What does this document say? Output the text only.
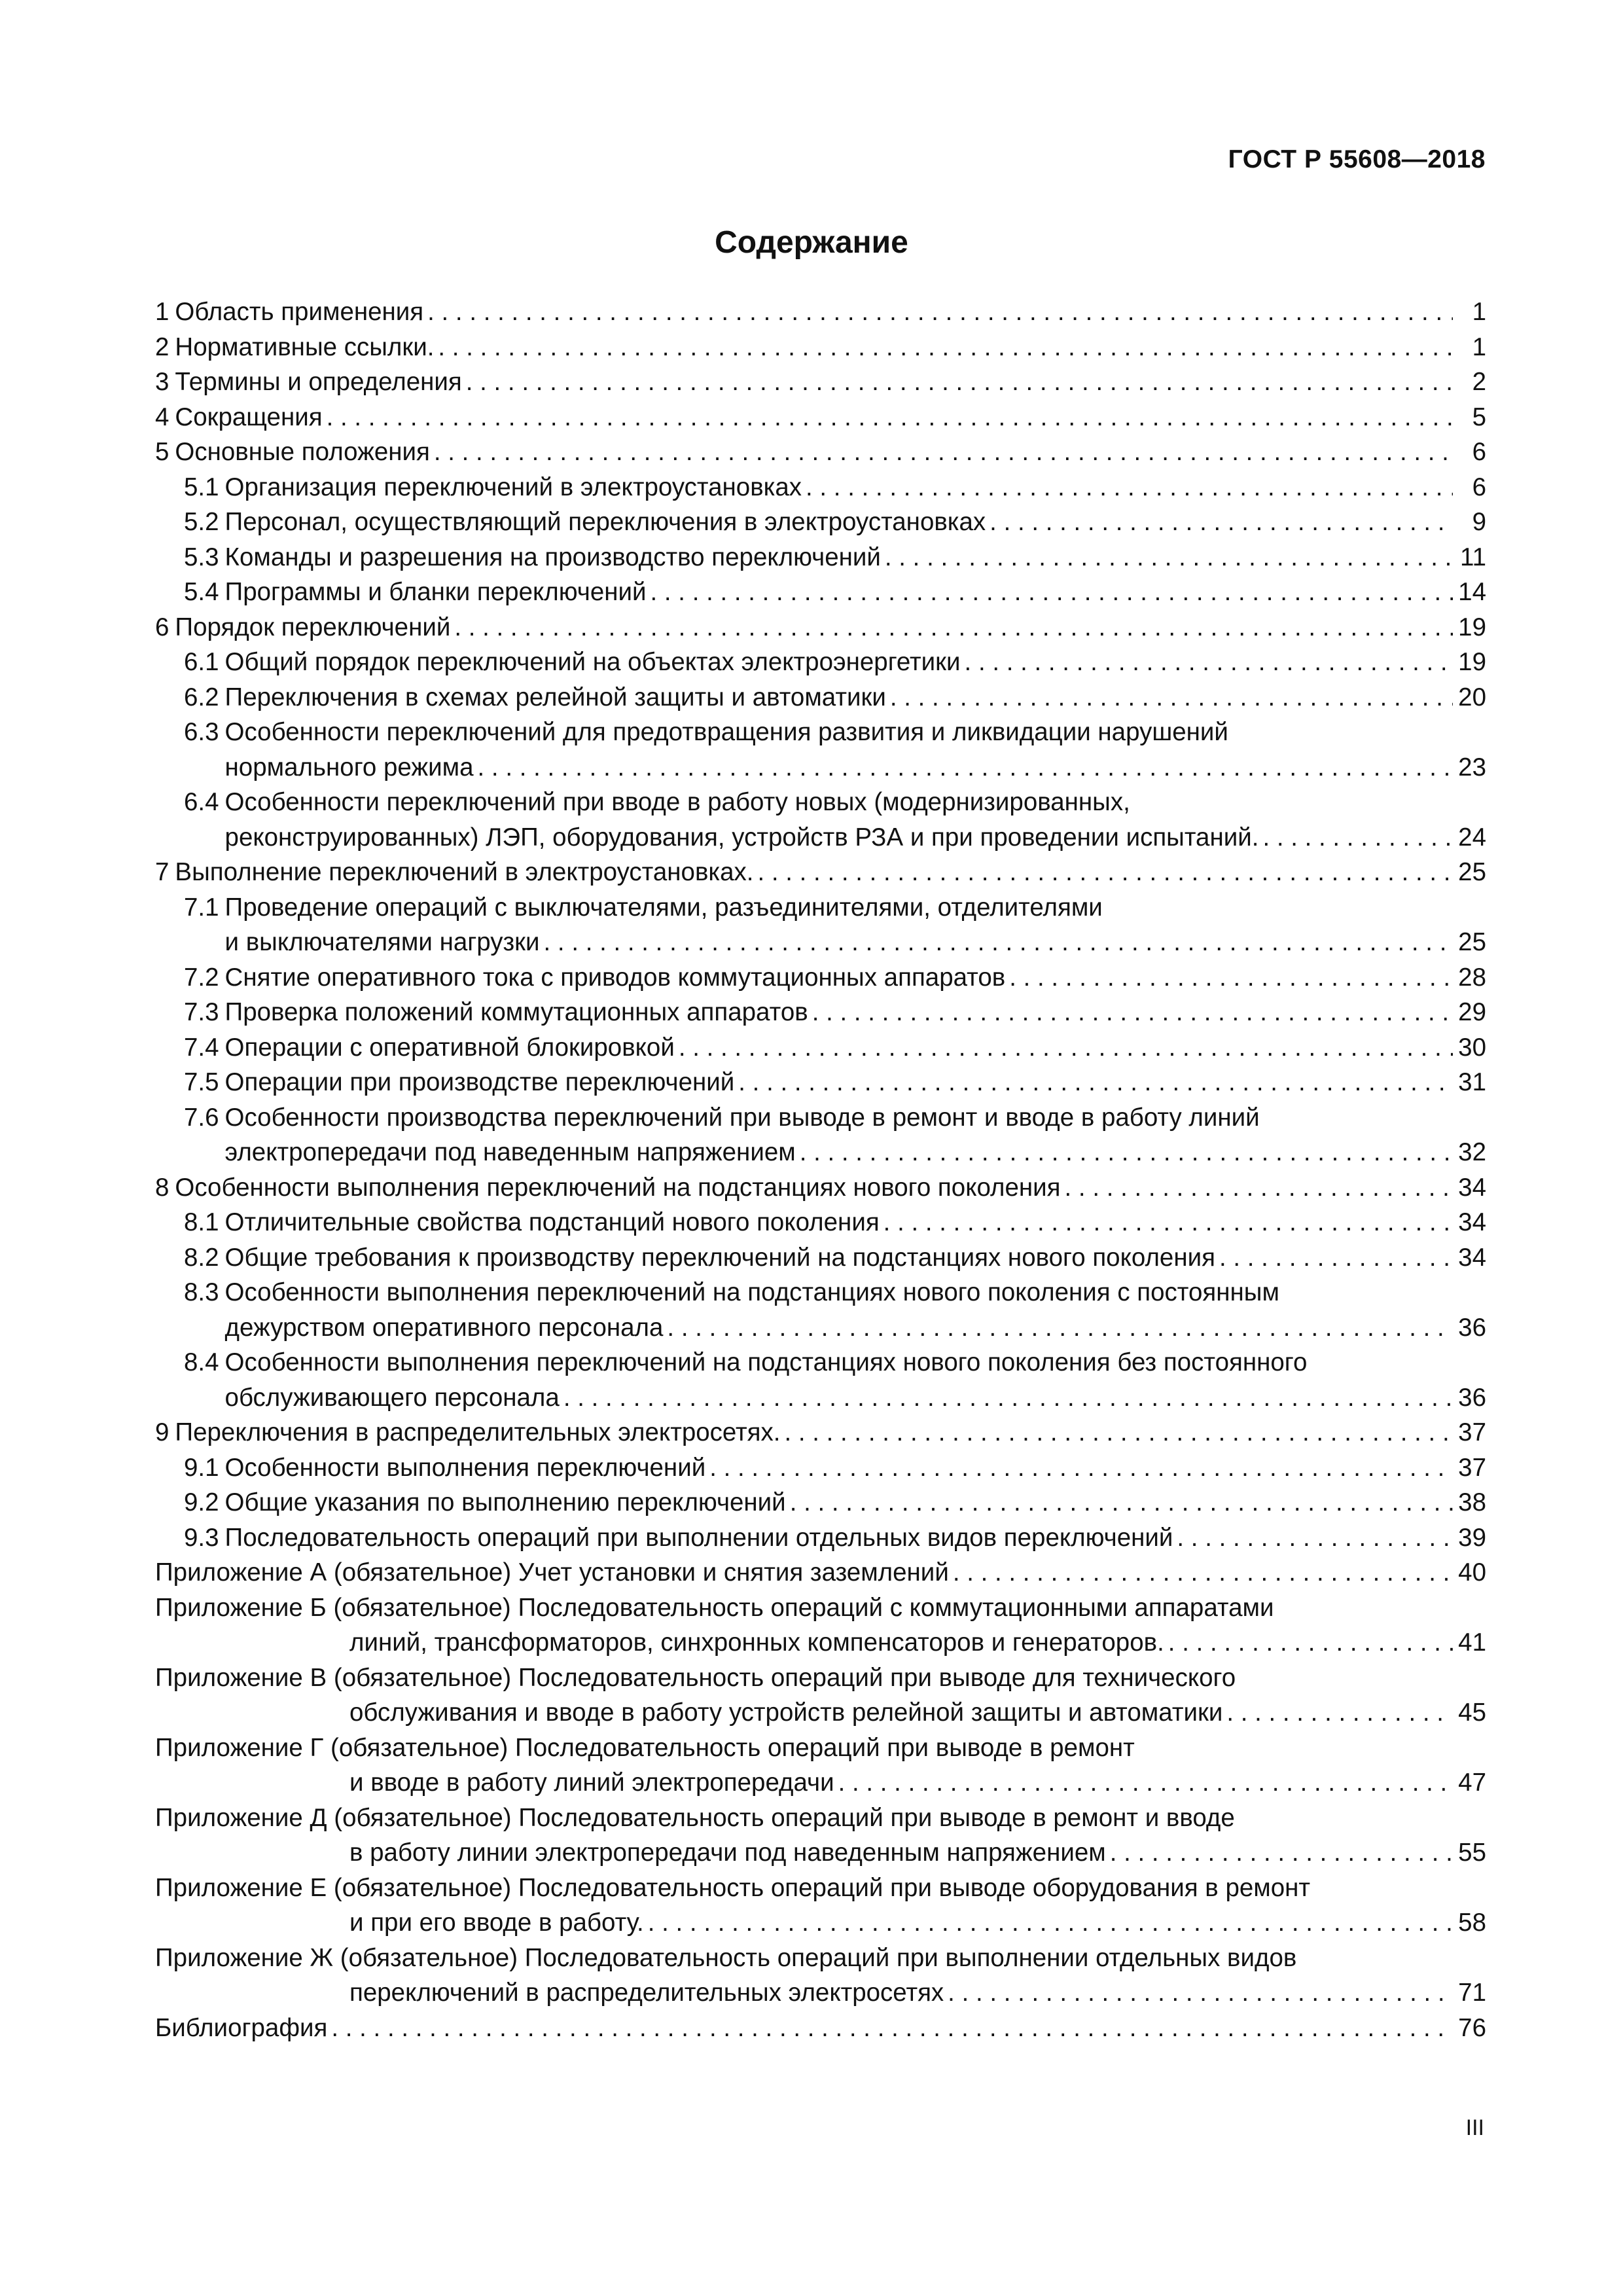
ГОСТ Р 55608—2018
Содержание
1 Область применения . . .	1
2 Нормативные ссылки. . . .	1
3 Термины и определения . . .	2
4 Сокращения . . .	5
5 Основные положения . . .	6
5.1 Организация переключений в электроустановках . . .	6
5.2 Персонал, осуществляющий переключения в электроустановках . . .	9
5.3 Команды и разрешения на производство переключений . . .	11
5.4 Программы и бланки переключений . . .	14
6 Порядок переключений . . .	19
6.1 Общий порядок переключений на объектах электроэнергетики . . .	19
6.2 Переключения в схемах релейной защиты и автоматики . . .	20
6.3 Особенности переключений для предотвращения развития и ликвидации нарушений
нормального режима . . .	23
6.4 Особенности переключений при вводе в работу новых (модернизированных,
реконструированных) ЛЭП, оборудования, устройств РЗА и при проведении испытаний. . . .	24
7 Выполнение переключений в электроустановках. . . .	25
7.1 Проведение операций с выключателями, разъединителями, отделителями
и выключателями нагрузки . . .	25
7.2 Снятие оперативного тока с приводов коммутационных аппаратов . . .	28
7.3 Проверка положений коммутационных аппаратов . . .	29
7.4 Операции с оперативной блокировкой . . .	30
7.5 Операции при производстве переключений . . .	31
7.6 Особенности производства переключений при выводе в ремонт и вводе в работу линий
электропередачи под наведенным напряжением . . .	32
8 Особенности выполнения переключений на подстанциях нового поколения . . .	34
8.1 Отличительные свойства подстанций нового поколения . . .	34
8.2 Общие требования к производству переключений на подстанциях нового поколения . . .	34
8.3 Особенности выполнения переключений на подстанциях нового поколения с постоянным
дежурством оперативного персонала . . .	36
8.4 Особенности выполнения переключений на подстанциях нового поколения без постоянного
обслуживающего персонала . . .	36
9 Переключения в распределительных электросетях. . . .	37
9.1 Особенности выполнения переключений . . .	37
9.2 Общие указания по выполнению переключений . . .	38
9.3 Последовательность операций при выполнении отдельных видов переключений . . .	39
Приложение А (обязательное) Учет установки и снятия заземлений . . .	40
Приложение Б (обязательное) Последовательность операций с коммутационными аппаратами
линий, трансформаторов, синхронных компенсаторов и генераторов. . . .	41
Приложение В (обязательное) Последовательность операций при выводе для технического
обслуживания и вводе в работу устройств релейной защиты и автоматики . . .	45
Приложение Г (обязательное) Последовательность операций при выводе в ремонт
и вводе в работу линий электропередачи . . .	47
Приложение Д (обязательное) Последовательность операций при выводе в ремонт и вводе
в работу линии электропередачи под наведенным напряжением . . .	55
Приложение Е (обязательное) Последовательность операций при выводе оборудования в ремонт
и при его вводе в работу. . . .	58
Приложение Ж (обязательное) Последовательность операций при выполнении отдельных видов
переключений в распределительных электросетях . . .	71
Библиография . . .	76
III
